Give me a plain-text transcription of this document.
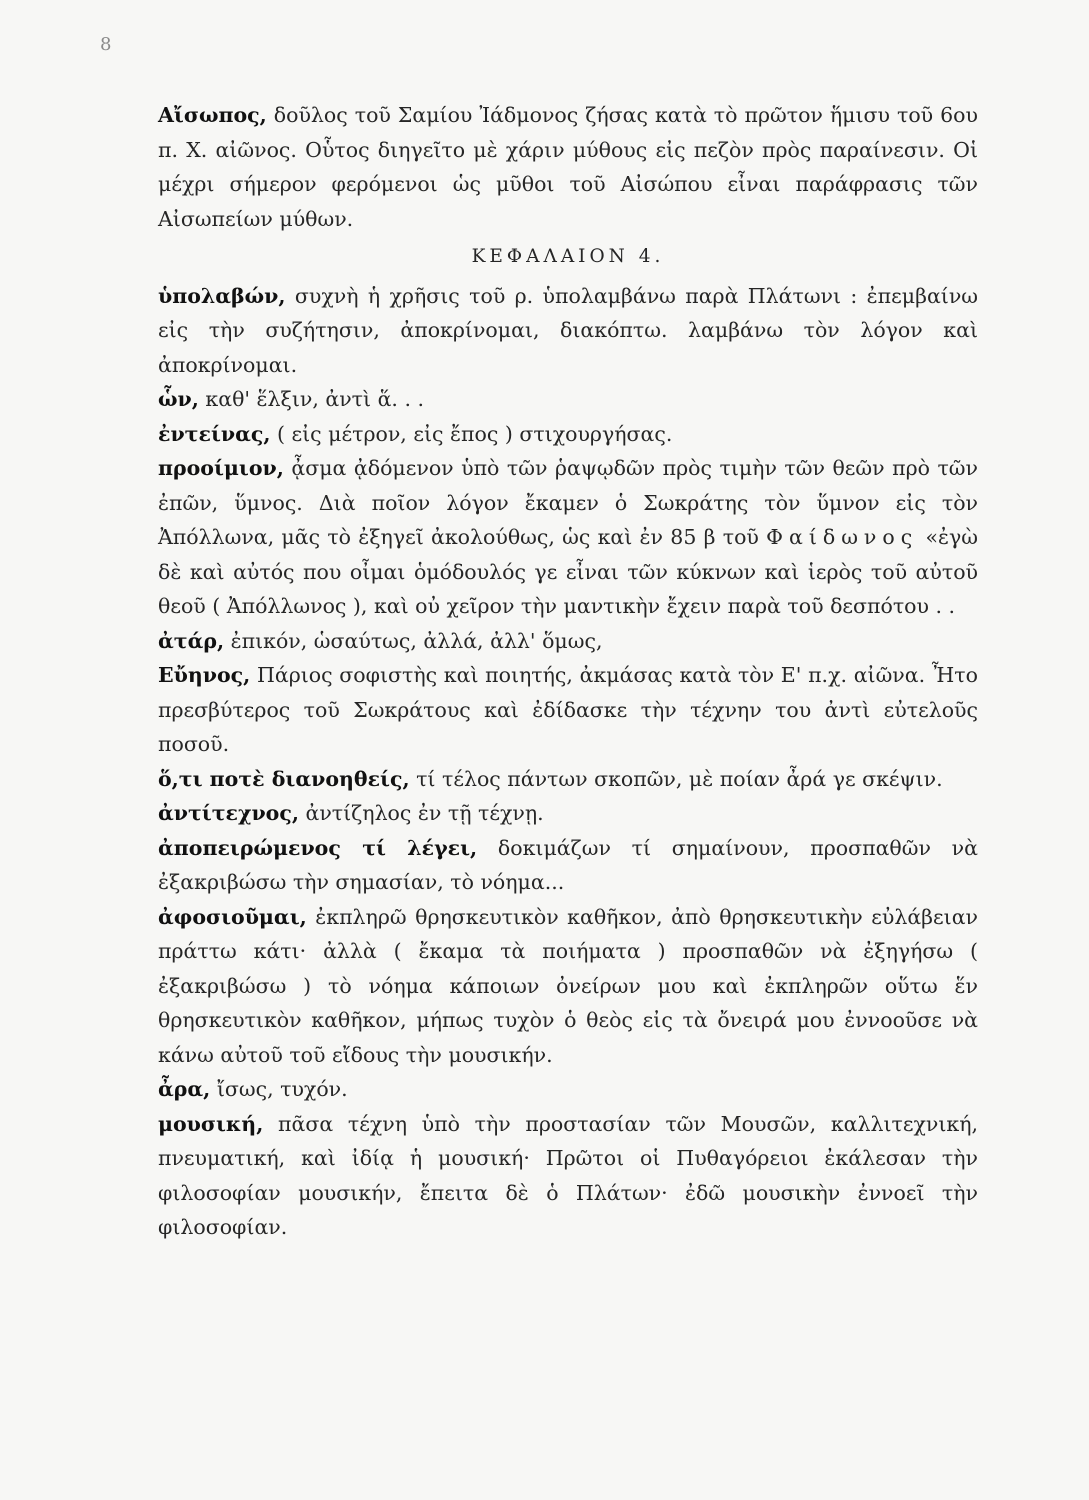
8

Αἴσωπος, δοῦλος τοῦ Σαμίου Ἰάδμονος ζήσας κατὰ τὸ πρῶτον ἥμισυ τοῦ 6ου π. Χ. αἰῶνος. Οὗτος διηγεῖτο μὲ χάριν μύθους εἰς πεζὸν πρὸς παραίνεσιν. Οἱ μέχρι σήμερον φερόμενοι ὡς μῦθοι τοῦ Αἰσώπου εἶναι παράφρασις τῶν Αἰσωπείων μύθων.

ΚΕΦΑΛΑΙΟΝ 4.

ὑπολαβών, συχνὴ ἡ χρῆσις τοῦ ρ. ὑπολαμβάνω παρὰ Πλάτωνι : ἐπεμβαίνω εἰς τὴν συζήτησιν, ἀποκρίνομαι, διακόπτω. λαμβάνω τὸν λόγον καὶ ἀποκρίνομαι.

ὧν, καθ' ἕλξιν, ἀντὶ ἅ. . .

ἐντείνας, ( εἰς μέτρον, εἰς ἔπος ) στιχουργήσας.

προοίμιον, ᾆσμα ᾀδόμενον ὑπὸ τῶν ῥαψῳδῶν πρὸς τιμὴν τῶν θεῶν πρὸ τῶν ἐπῶν, ὕμνος. Διὰ ποῖον λόγον ἔκαμεν ὁ Σωκράτης τὸν ὕμνον εἰς τὸν Ἀπόλλωνα, μᾶς τὸ ἐξηγεῖ ἀκολούθως, ὡς καὶ ἐν 85 β τοῦ Φαίδωνος «ἐγὼ δὲ καὶ αὐτός που οἶμαι ὁμόδουλός γε εἶναι τῶν κύκνων καὶ ἱερὸς τοῦ αὐτοῦ θεοῦ ( Ἀπόλλωνος ), καὶ οὐ χεῖρον τὴν μαντικὴν ἔχειν παρὰ τοῦ δεσπότου . .

ἀτάρ, ἐπικόν, ὡσαύτως, ἀλλά, ἀλλ' ὅμως,

Εὔηνος, Πάριος σοφιστὴς καὶ ποιητής, ἀκμάσας κατὰ τὸν Ε' π.χ. αἰῶνα. Ἦτο πρεσβύτερος τοῦ Σωκράτους καὶ ἐδίδασκε τὴν τέχνην του ἀντὶ εὐτελοῦς ποσοῦ.

ὅ,τι ποτὲ διανοηθείς, τί τέλος πάντων σκοπῶν, μὲ ποίαν ἆρά γε σκέψιν.

ἀντίτεχνος, ἀντίζηλος ἐν τῇ τέχνῃ.

ἀποπειρώμενος τί λέγει, δοκιμάζων τί σημαίνουν, προσπαθῶν νὰ ἐξακριβώσω τὴν σημασίαν, τὸ νόημα...

ἀφοσιοῦμαι, ἐκπληρῶ θρησκευτικὸν καθῆκον, ἀπὸ θρησκευτικὴν εὐλάβειαν πράττω κάτι· ἀλλὰ ( ἔκαμα τὰ ποιήματα ) προσπαθῶν νὰ ἐξηγήσω ( ἐξακριβώσω ) τὸ νόημα κάποιων ὀνείρων μου καὶ ἐκπληρῶν οὕτω ἕν θρησκευτικὸν καθῆκον, μήπως τυχὸν ὁ θεὸς εἰς τὰ ὄνειρά μου ἐννοοῦσε νὰ κάνω αὐτοῦ τοῦ εἴδους τὴν μουσικήν.

ἆρα, ἴσως, τυχόν.

μουσική, πᾶσα τέχνη ὑπὸ τὴν προστασίαν τῶν Μουσῶν, καλλιτεχνική, πνευματική, καὶ ἰδίᾳ ἡ μουσική· Πρῶτοι οἱ Πυθαγόρειοι ἐκάλεσαν τὴν φιλοσοφίαν μουσικήν, ἔπειτα δὲ ὁ Πλάτων· ἐδῶ μουσικὴν ἐννοεῖ τὴν φιλοσοφίαν.
